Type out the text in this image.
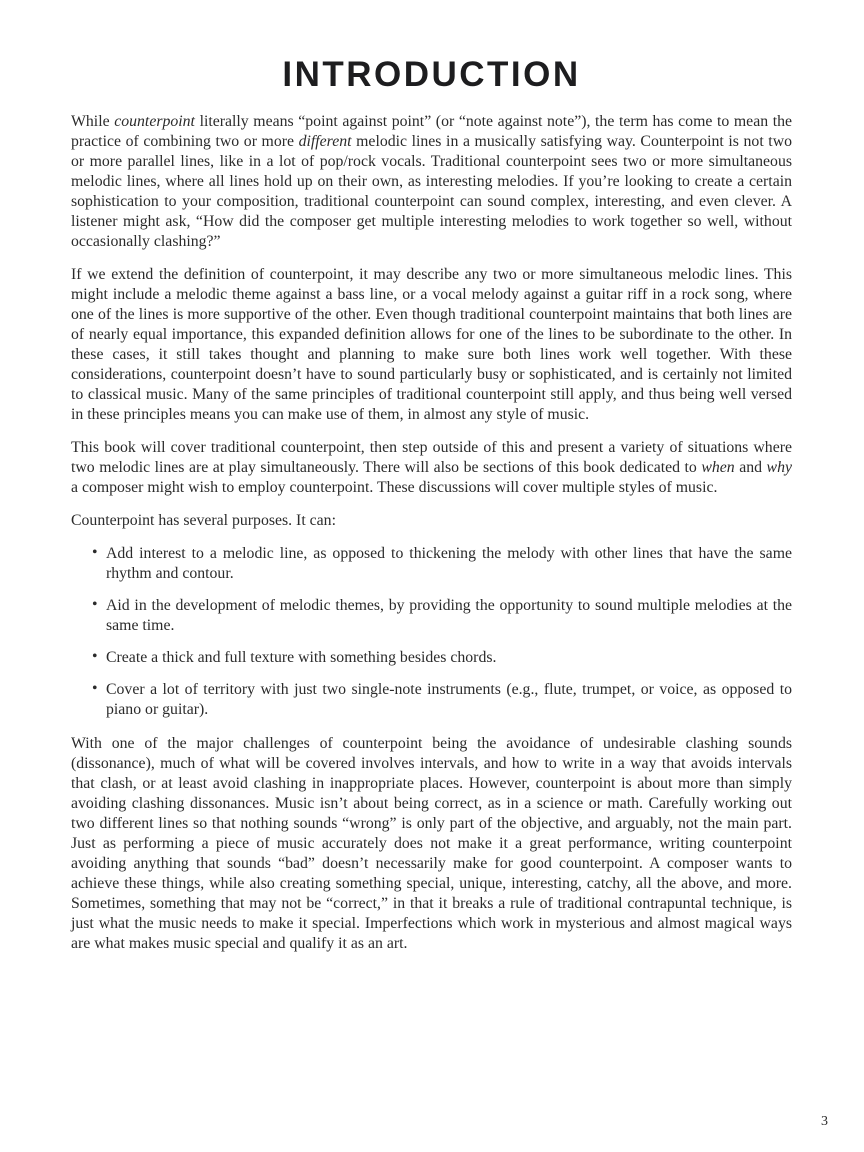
INTRODUCTION

While counterpoint literally means “point against point” (or “note against note”), the term has come to mean the practice of combining two or more different melodic lines in a musically satisfying way. Counterpoint is not two or more parallel lines, like in a lot of pop/rock vocals. Traditional counterpoint sees two or more simultaneous melodic lines, where all lines hold up on their own, as interesting melodies. If you’re looking to create a certain sophistication to your composition, traditional counterpoint can sound complex, interesting, and even clever. A listener might ask, “How did the composer get multiple interesting melodies to work together so well, without occasionally clashing?”

If we extend the definition of counterpoint, it may describe any two or more simultaneous melodic lines. This might include a melodic theme against a bass line, or a vocal melody against a guitar riff in a rock song, where one of the lines is more supportive of the other. Even though traditional counterpoint maintains that both lines are of nearly equal importance, this expanded definition allows for one of the lines to be subordinate to the other. In these cases, it still takes thought and planning to make sure both lines work well together. With these considerations, counterpoint doesn’t have to sound particularly busy or sophisticated, and is certainly not limited to classical music. Many of the same principles of traditional counterpoint still apply, and thus being well versed in these principles means you can make use of them, in almost any style of music.

This book will cover traditional counterpoint, then step outside of this and present a variety of situations where two melodic lines are at play simultaneously. There will also be sections of this book dedicated to when and why a composer might wish to employ counterpoint. These discussions will cover multiple styles of music.

Counterpoint has several purposes. It can:

• Add interest to a melodic line, as opposed to thickening the melody with other lines that have the same rhythm and contour.
• Aid in the development of melodic themes, by providing the opportunity to sound multiple melodies at the same time.
• Create a thick and full texture with something besides chords.
• Cover a lot of territory with just two single-note instruments (e.g., flute, trumpet, or voice, as opposed to piano or guitar).

With one of the major challenges of counterpoint being the avoidance of undesirable clashing sounds (dissonance), much of what will be covered involves intervals, and how to write in a way that avoids intervals that clash, or at least avoid clashing in inappropriate places. However, counterpoint is about more than simply avoiding clashing dissonances. Music isn’t about being correct, as in a science or math. Carefully working out two different lines so that nothing sounds “wrong” is only part of the objective, and arguably, not the main part. Just as performing a piece of music accurately does not make it a great performance, writing counterpoint avoiding anything that sounds “bad” doesn’t necessarily make for good counterpoint. A composer wants to achieve these things, while also creating something special, unique, interesting, catchy, all the above, and more. Sometimes, something that may not be “correct,” in that it breaks a rule of traditional contrapuntal technique, is just what the music needs to make it special. Imperfections which work in mysterious and almost magical ways are what makes music special and qualify it as an art.

3
